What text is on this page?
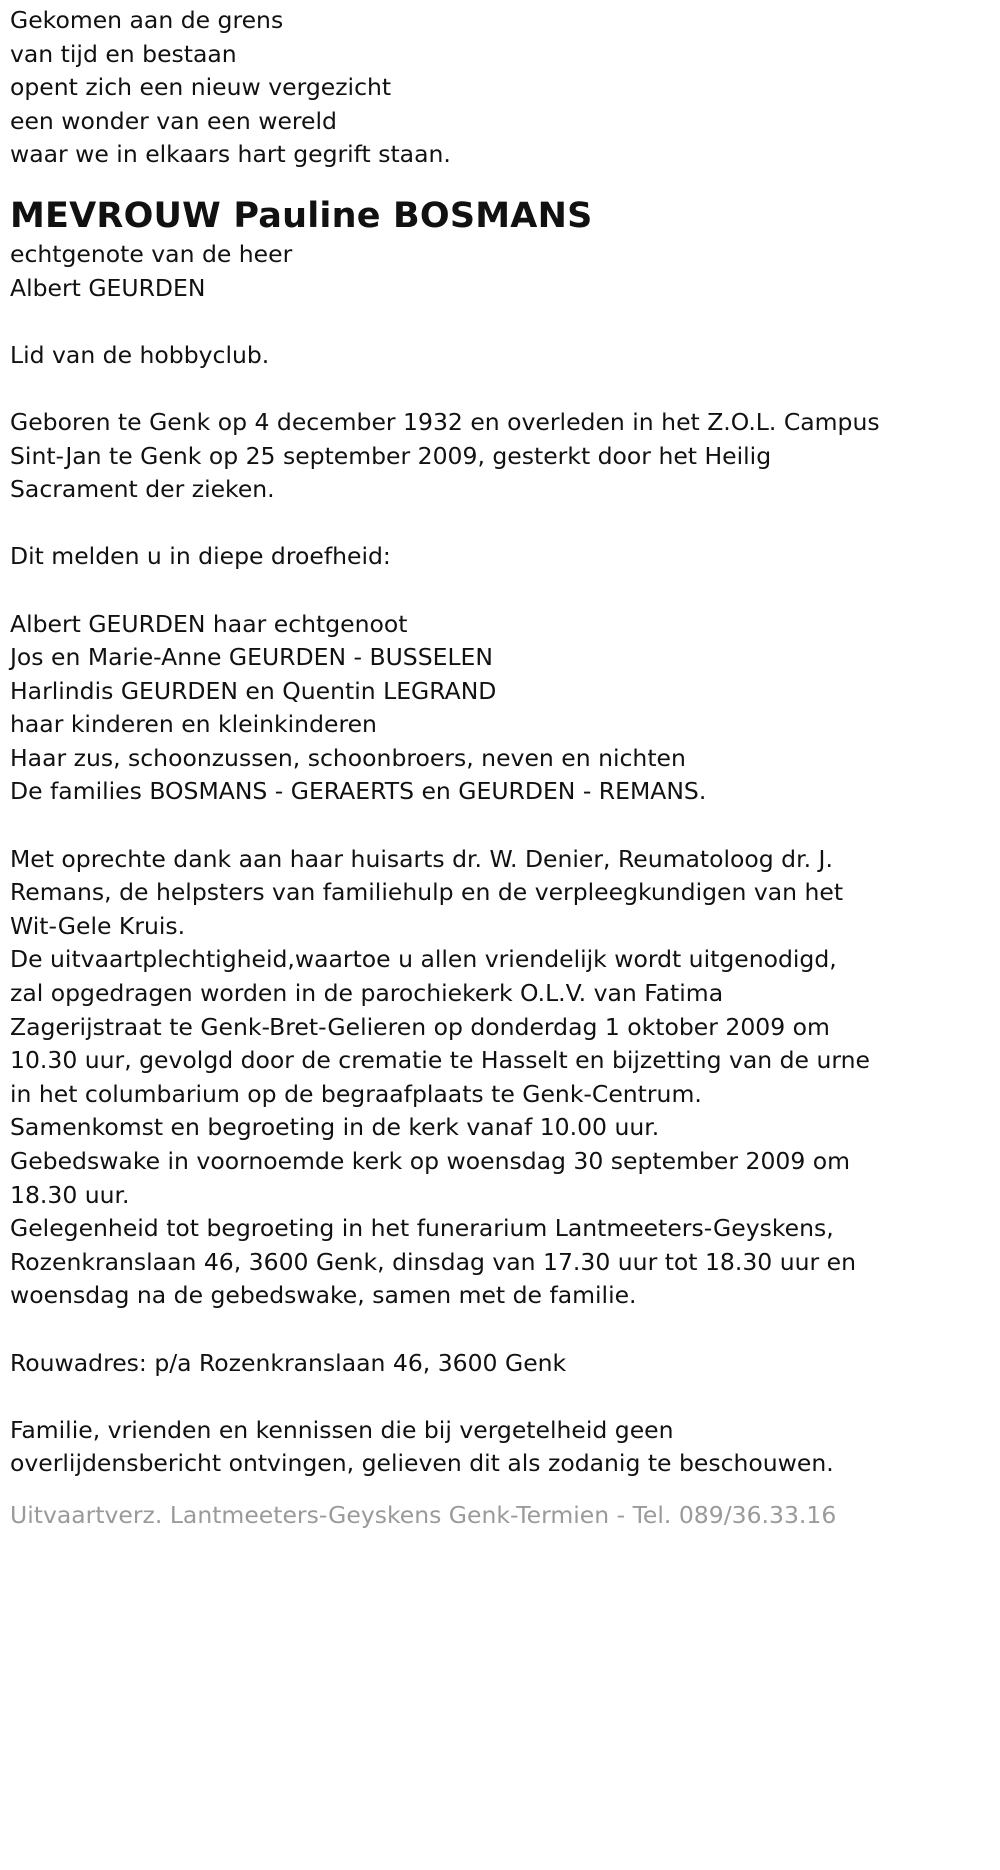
Gekomen aan de grens
van tijd en bestaan
opent zich een nieuw vergezicht
een wonder van een wereld
waar we in elkaars hart gegrift staan.
MEVROUW Pauline BOSMANS
echtgenote van de heer
Albert GEURDEN
Lid van de hobbyclub.
Geboren te Genk op 4 december 1932 en overleden in het Z.O.L. Campus
Sint-Jan te Genk op 25 september 2009, gesterkt door het Heilig
Sacrament der zieken.
Dit melden u in diepe droefheid:
Albert GEURDEN haar echtgenoot
Jos en Marie-Anne GEURDEN - BUSSELEN
Harlindis GEURDEN en Quentin LEGRAND
haar kinderen en kleinkinderen
Haar zus, schoonzussen, schoonbroers, neven en nichten
De families BOSMANS - GERAERTS en GEURDEN - REMANS.
Met oprechte dank aan haar huisarts dr. W. Denier, Reumatoloog dr. J.
Remans, de helpsters van familiehulp en de verpleegkundigen van het
Wit-Gele Kruis.
De uitvaartplechtigheid,waartoe u allen vriendelijk wordt uitgenodigd,
zal opgedragen worden in de parochiekerk O.L.V. van Fatima
Zagerijstraat te Genk-Bret-Gelieren op donderdag 1 oktober 2009 om
10.30 uur, gevolgd door de crematie te Hasselt en bijzetting van de urne
in het columbarium op de begraafplaats te Genk-Centrum.
Samenkomst en begroeting in de kerk vanaf 10.00 uur.
Gebedswake in voornoemde kerk op woensdag 30 september 2009 om
18.30 uur.
Gelegenheid tot begroeting in het funerarium Lantmeeters-Geyskens,
Rozenkranslaan 46, 3600 Genk, dinsdag van 17.30 uur tot 18.30 uur en
woensdag na de gebedswake, samen met de familie.
Rouwadres: p/a Rozenkranslaan 46, 3600 Genk
Familie, vrienden en kennissen die bij vergetelheid geen
overlijdensbericht ontvingen, gelieven dit als zodanig te beschouwen.
Uitvaartverz. Lantmeeters-Geyskens Genk-Termien - Tel. 089/36.33.16
